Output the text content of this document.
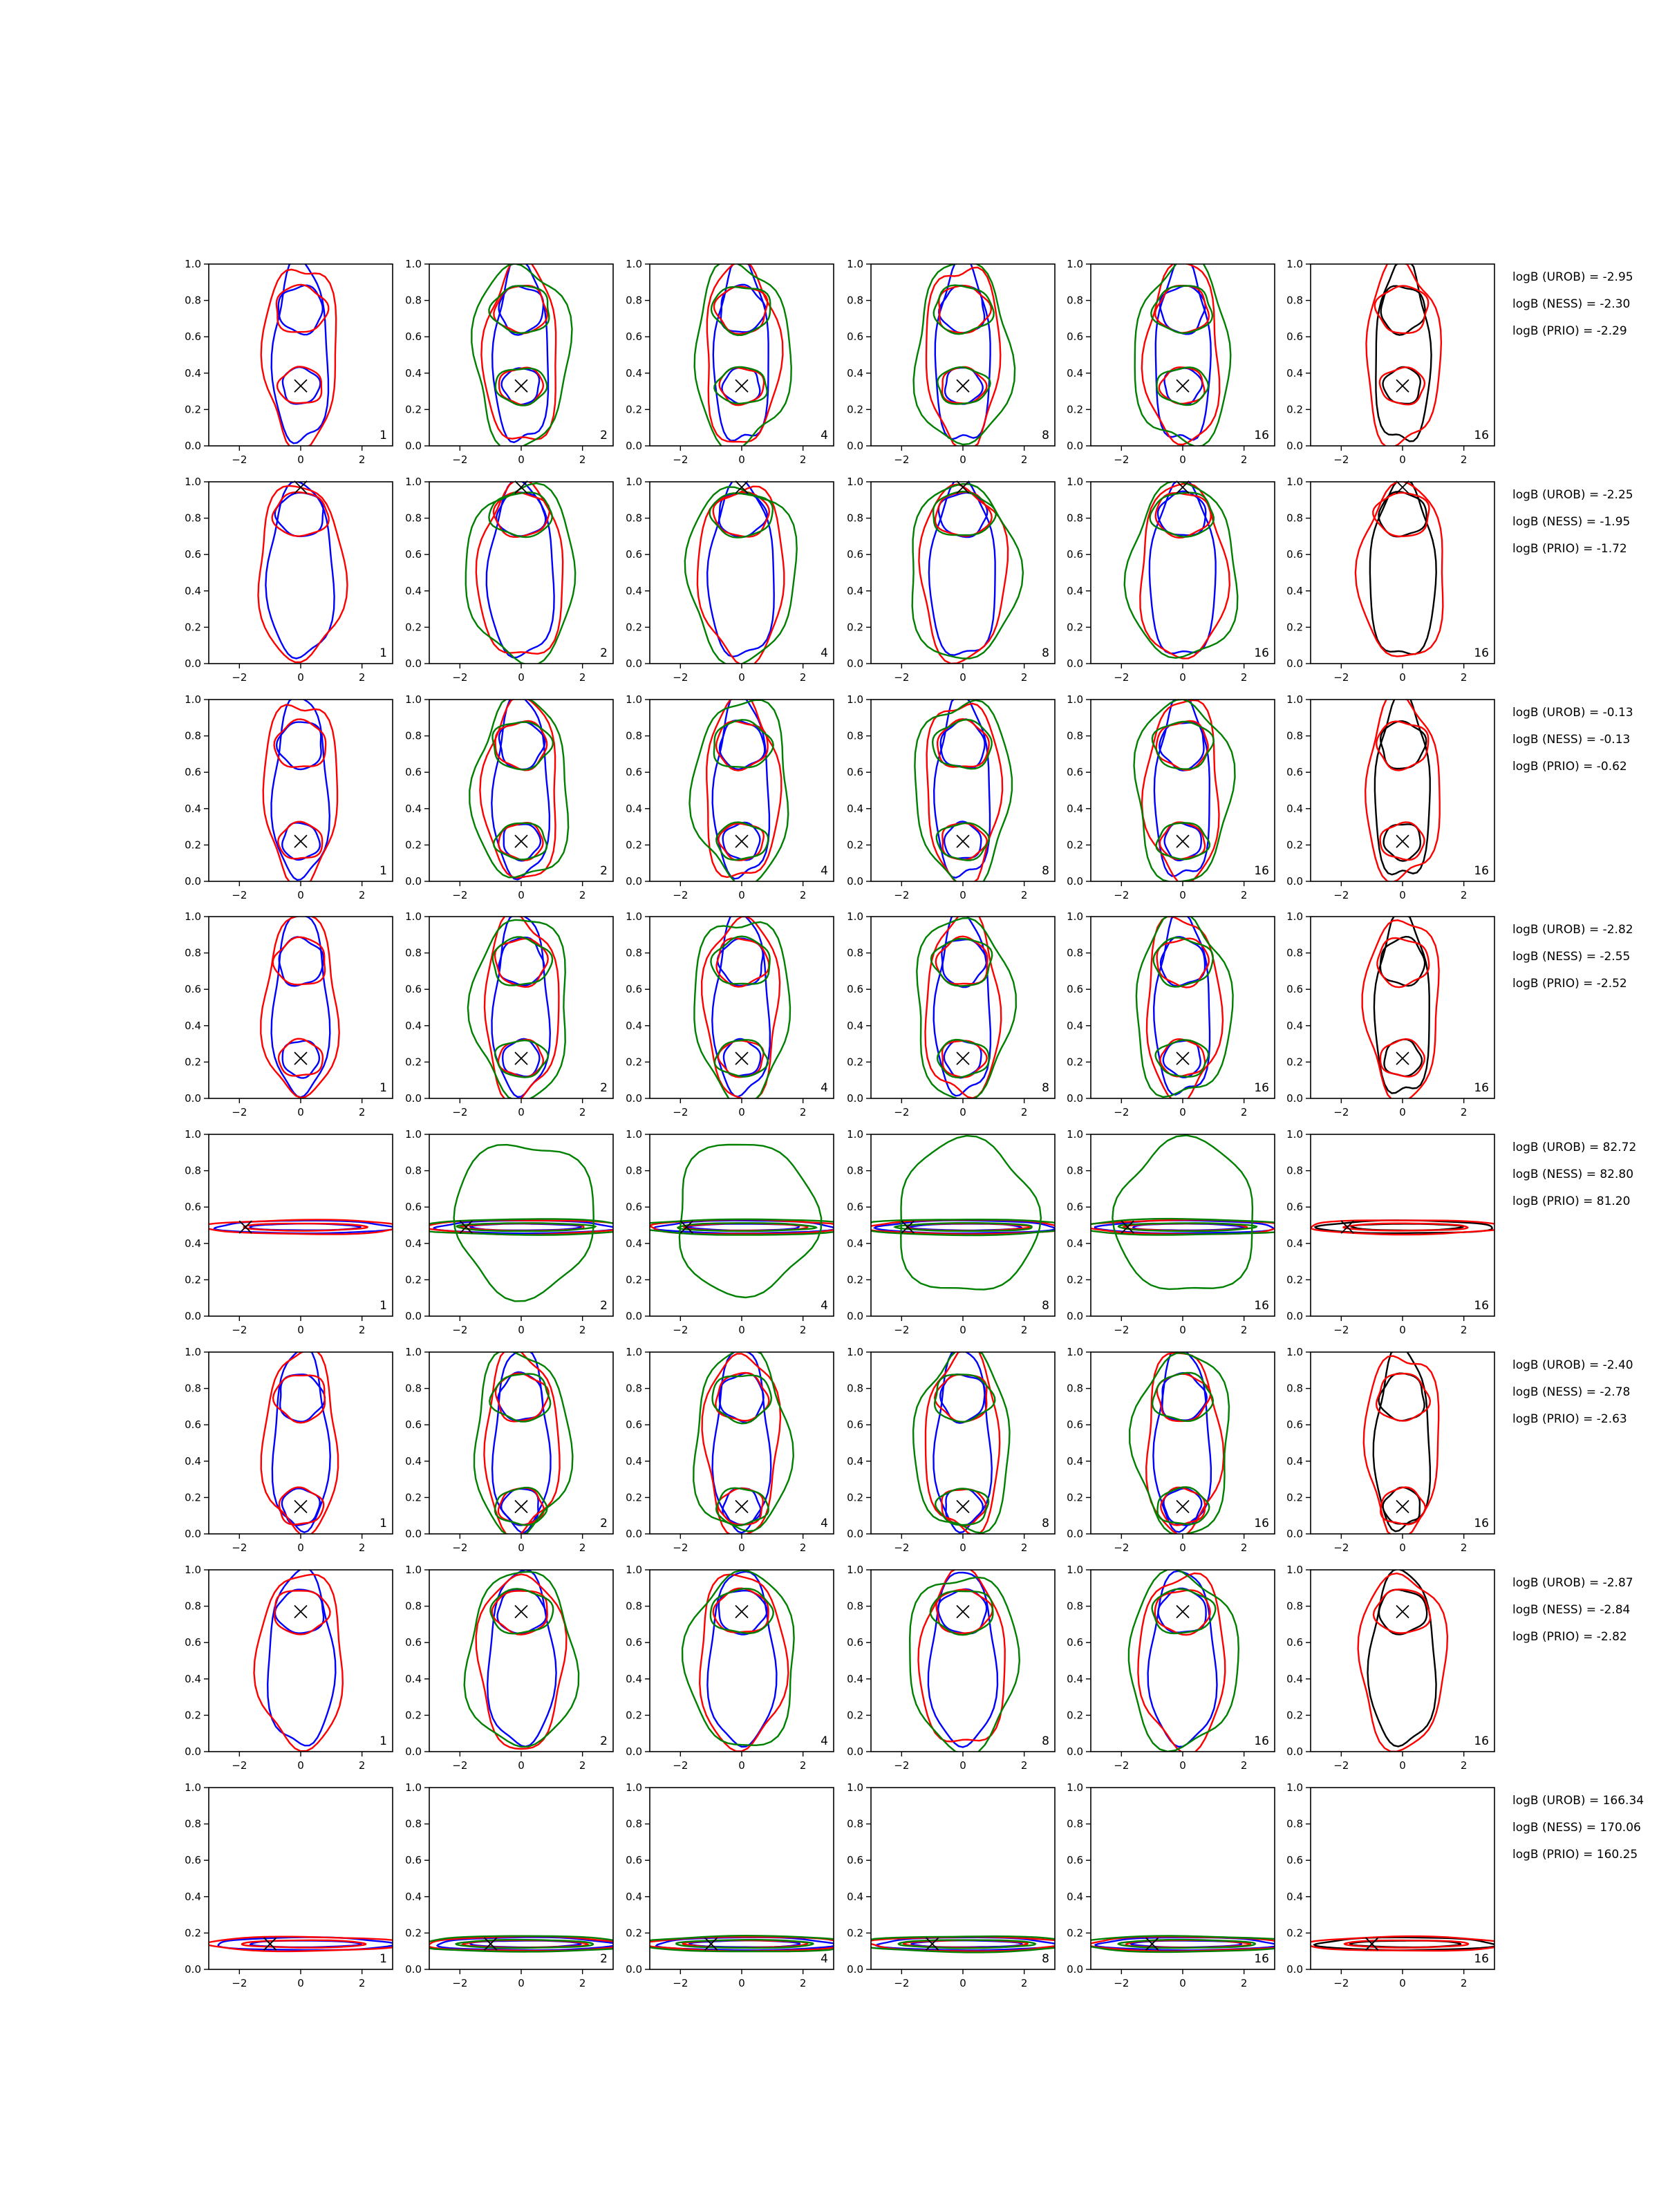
−2	0	2
0.0
0.2
0.4
0.6
0.8
1.0
1
−2	0	2
0.0
0.2
0.4
0.6
0.8
1.0
2
−2	0	2
0.0
0.2
0.4
0.6
0.8
1.0
4
−2	0	2
0.0
0.2
0.4
0.6
0.8
1.0
8
−2	0	2
0.0
0.2
0.4
0.6
0.8
1.0
16
−2	0	2
0.0
0.2
0.4
0.6
0.8
1.0
16
−2	0	2
0.0
0.2
0.4
0.6
0.8
1.0
1
−2	0	2
0.0
0.2
0.4
0.6
0.8
1.0
2
−2	0	2
0.0
0.2
0.4
0.6
0.8
1.0
4
−2	0	2
0.0
0.2
0.4
0.6
0.8
1.0
8
−2	0	2
0.0
0.2
0.4
0.6
0.8
1.0
16
−2	0	2
0.0
0.2
0.4
0.6
0.8
1.0
16
−2	0	2
0.0
0.2
0.4
0.6
0.8
1.0
1
−2	0	2
0.0
0.2
0.4
0.6
0.8
1.0
2
−2	0	2
0.0
0.2
0.4
0.6
0.8
1.0
4
−2	0	2
0.0
0.2
0.4
0.6
0.8
1.0
8
−2	0	2
0.0
0.2
0.4
0.6
0.8
1.0
16
−2	0	2
0.0
0.2
0.4
0.6
0.8
1.0
16
−2	0	2
0.0
0.2
0.4
0.6
0.8
1.0
1
−2	0	2
0.0
0.2
0.4
0.6
0.8
1.0
2
−2	0	2
0.0
0.2
0.4
0.6
0.8
1.0
4
−2	0	2
0.0
0.2
0.4
0.6
0.8
1.0
8
−2	0	2
0.0
0.2
0.4
0.6
0.8
1.0
16
−2	0	2
0.0
0.2
0.4
0.6
0.8
1.0
16
−2	0	2
0.0
0.2
0.4
0.6
0.8
1.0
1
−2	0	2
0.0
0.2
0.4
0.6
0.8
1.0
2
−2	0	2
0.0
0.2
0.4
0.6
0.8
1.0
4
−2	0	2
0.0
0.2
0.4
0.6
0.8
1.0
8
−2	0	2
0.0
0.2
0.4
0.6
0.8
1.0
16
−2	0	2
0.0
0.2
0.4
0.6
0.8
1.0
16
−2	0	2
0.0
0.2
0.4
0.6
0.8
1.0
1
−2	0	2
0.0
0.2
0.4
0.6
0.8
1.0
2
−2	0	2
0.0
0.2
0.4
0.6
0.8
1.0
4
−2	0	2
0.0
0.2
0.4
0.6
0.8
1.0
8
−2	0	2
0.0
0.2
0.4
0.6
0.8
1.0
16
−2	0	2
0.0
0.2
0.4
0.6
0.8
1.0
16
−2	0	2
0.0
0.2
0.4
0.6
0.8
1.0
1
−2	0	2
0.0
0.2
0.4
0.6
0.8
1.0
2
−2	0	2
0.0
0.2
0.4
0.6
0.8
1.0
4
−2	0	2
0.0
0.2
0.4
0.6
0.8
1.0
8
−2	0	2
0.0
0.2
0.4
0.6
0.8
1.0
16
−2	0	2
0.0
0.2
0.4
0.6
0.8
1.0
16
−2	0	2
0.0
0.2
0.4
0.6
0.8
1.0
1
−2	0	2
0.0
0.2
0.4
0.6
0.8
1.0
2
−2	0	2
0.0
0.2
0.4
0.6
0.8
1.0
4
−2	0	2
0.0
0.2
0.4
0.6
0.8
1.0
8
−2	0	2
0.0
0.2
0.4
0.6
0.8
1.0
16
−2	0	2
0.0
0.2
0.4
0.6
0.8
1.0
16
logB (UROB) = -2.95
logB (NESS) = -2.30
logB (PRIO) = -2.29
logB (UROB) = -2.25
logB (NESS) = -1.95
logB (PRIO) = -1.72
logB (UROB) = -0.13
logB (NESS) = -0.13
logB (PRIO) = -0.62
logB (UROB) = -2.82
logB (NESS) = -2.55
logB (PRIO) = -2.52
logB (UROB) = 82.72
logB (NESS) = 82.80
logB (PRIO) = 81.20
logB (UROB) = -2.40
logB (NESS) = -2.78
logB (PRIO) = -2.63
logB (UROB) = -2.87
logB (NESS) = -2.84
logB (PRIO) = -2.82
logB (UROB) = 166.34
logB (NESS) = 170.06
logB (PRIO) = 160.25
